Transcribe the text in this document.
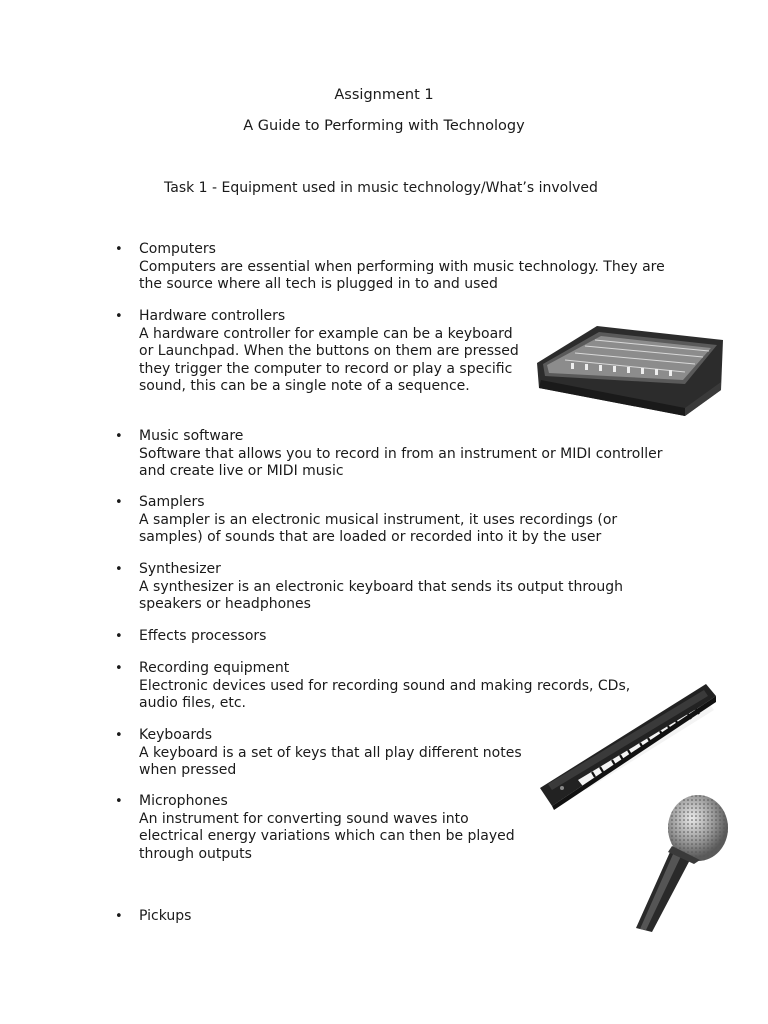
Assignment 1
A Guide to Performing with Technology
Task 1 - Equipment used in music technology/What’s involved
• Computers
Computers are essential when performing with music technology. They are the source where all tech is plugged in to and used
• Hardware controllers
A hardware controller for example can be a keyboard or Launchpad. When the buttons on them are pressed they trigger the computer to record or play a specific sound, this can be a single note of a sequence.
• Music software
Software that allows you to record in from an instrument or MIDI controller and create live or MIDI music
• Samplers
A sampler is an electronic musical instrument, it uses recordings (or samples) of sounds that are loaded or recorded into it by the user
• Synthesizer
A synthesizer is an electronic keyboard that sends its output through speakers or headphones
• Effects processors
• Recording equipment
Electronic devices used for recording sound and making records, CDs, audio files, etc.
• Keyboards
A keyboard is a set of keys that all play different notes when pressed
• Microphones
An instrument for converting sound waves into electrical energy variations which can then be played through outputs
• Pickups
